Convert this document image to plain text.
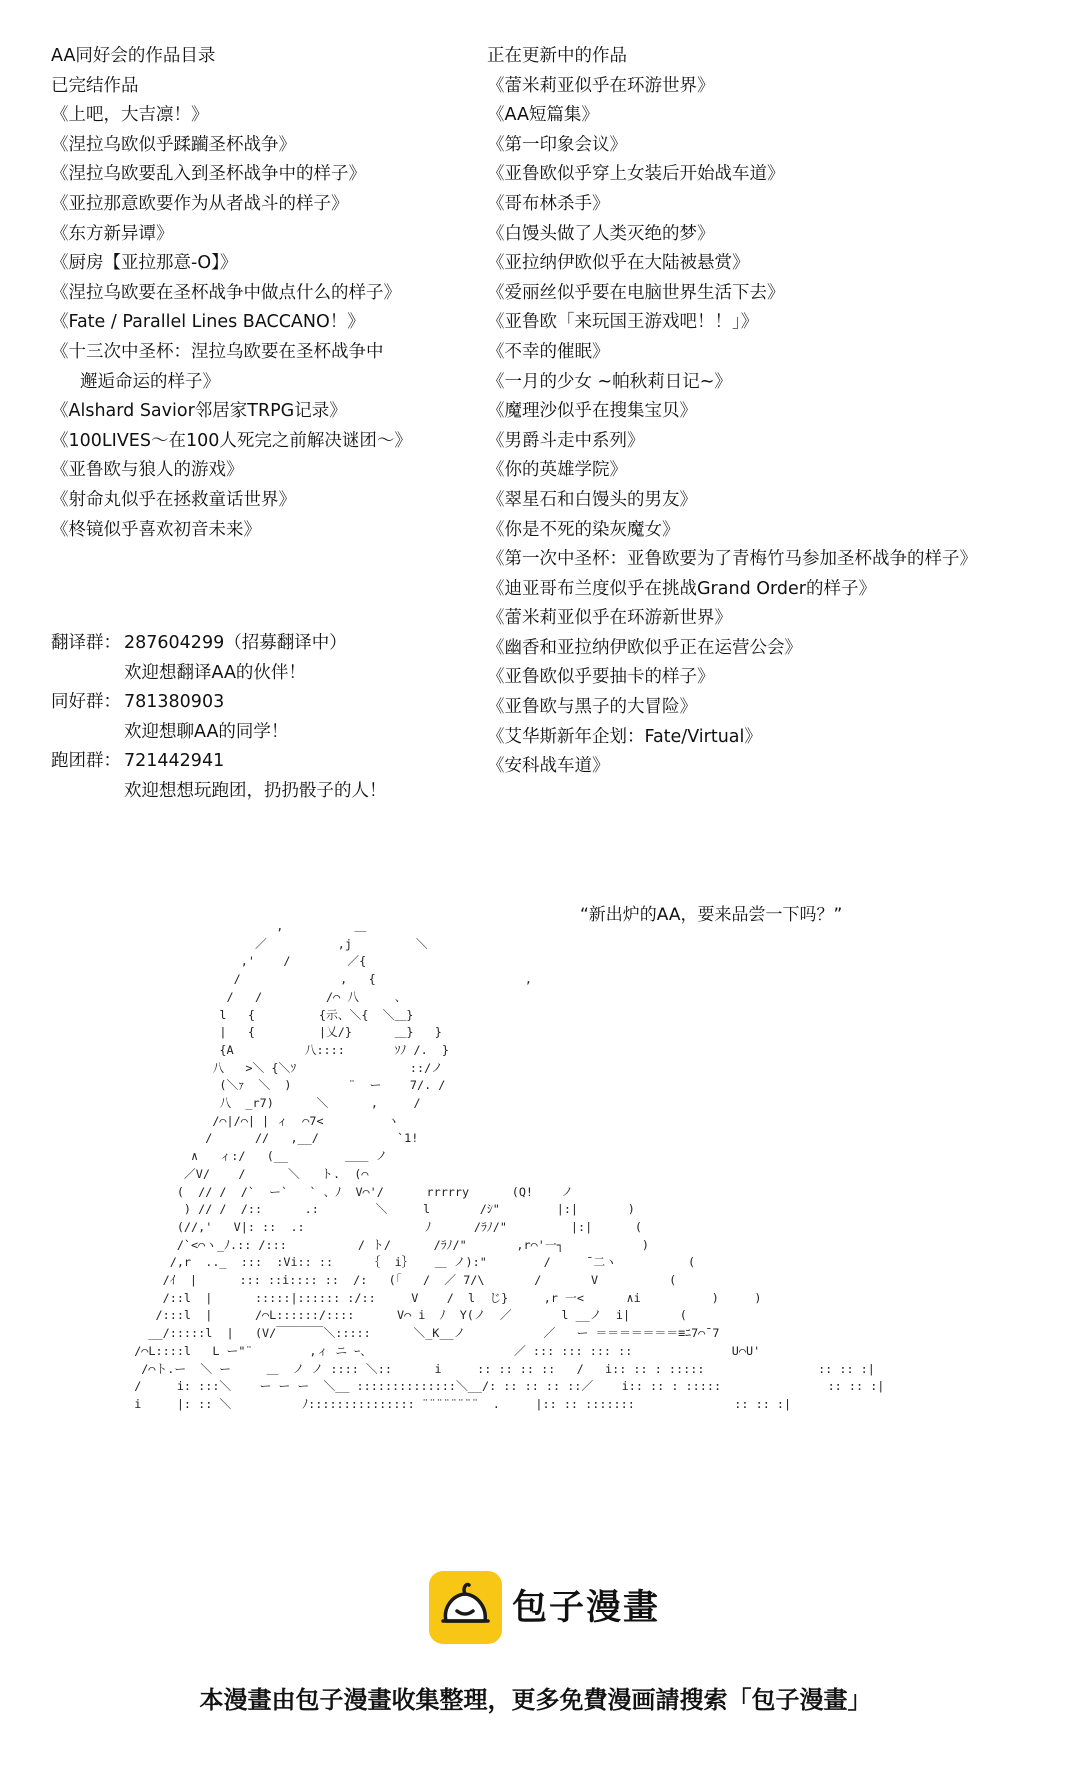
AA同好会的作品目录
已完结作品
《上吧，大吉凛！》
《涅拉乌欧似乎蹂躏圣杯战争》
《涅拉乌欧要乱入到圣杯战争中的样子》
《亚拉那意欧要作为从者战斗的样子》
《东方新异谭》
《厨房【亚拉那意-O】》
《涅拉乌欧要在圣杯战争中做点什么的样子》
《Fate / Parallel Lines BACCANO！》
《十三次中圣杯：涅拉乌欧要在圣杯战争中
邂逅命运的样子》
《Alshard Savior邻居家TRPG记录》
《100LIVES～在100人死完之前解决谜团～》
《亚鲁欧与狼人的游戏》
《射命丸似乎在拯救童话世界》
《柊镜似乎喜欢初音未来》
正在更新中的作品
《蕾米莉亚似乎在环游世界》
《AA短篇集》
《第一印象会议》
《亚鲁欧似乎穿上女装后开始战车道》
《哥布林杀手》
《白馒头做了人类灭绝的梦》
《亚拉纳伊欧似乎在大陆被悬赏》
《爱丽丝似乎要在电脑世界生活下去》
《亚鲁欧「来玩国王游戏吧！！」》
《不幸的催眠》
《一月的少女 ~帕秋莉日记~》
《魔理沙似乎在搜集宝贝》
《男爵斗走中系列》
《你的英雄学院》
《翠星石和白馒头的男友》
《你是不死的染灰魔女》
《第一次中圣杯：亚鲁欧要为了青梅竹马参加圣杯战争的样子》
《迪亚哥布兰度似乎在挑战Grand Order的样子》
《蕾米莉亚似乎在环游新世界》
《幽香和亚拉纳伊欧似乎正在运营公会》
《亚鲁欧似乎要抽卡的样子》
《亚鲁欧与黑子的大冒险》
《艾华斯新年企划：Fate/Virtual》
《安科战车道》
翻译群： 287604299（招募翻译中）
欢迎想翻译AA的伙伴！
同好群： 781380903
欢迎想聊AA的同学！
跑团群： 721442941
欢迎想想玩跑团，扔扔骰子的人！
“新出炉的AA，要来品尝一下吗？”
,          ＿
／          ,j         ＼
,'    /        ／{
/              ,   {                     ,
/   /         /⌒ 八     、
l   {         {示、＼{  ＼＿}
|   {         |乂/}      ＿}   }
{A          八::::       ｿﾉ /.  }
八   >＼ {＼ｿ                ::/ノ
(＼ｧ  ＼  )        ¨  ー    7/. /
八  _r7)      ＼      ,     /
/⌒|/⌒| | ィ  ⌒7<         ヽ
/      //   ,__/           `1!
∧   ィ:/   (__        ＿＿ ノ
／V/    /      ＼   ト.  (⌒
(  // /  /`  ー`   ` 、ﾉ  V⌒'/      rrrrry      (Q!    ノ
) // /  /::      .:        ＼     l       /ｼ"        |:|       )
(//,'   V|: ::  .:                 ﾉ      /ﾗﾉ/"         |:|      (
/`<⌒ヽ_ﾉ.:: /:::          / ト/      /ﾗﾉ/"       ,r⌒'一┐           )
/,r  .._  :::  :Vi:: ::     ｛  i｝   ＿ ノ):"        /     ¯二ヽ          (
/ｲ  |      ::: ::i:::: ::  /:   (「   /  ／ 7/\       /       V          (
/::l  |      :::::|:::::: :/::     V    /  l  じ}     ,r 一<      ∧i          )     )
/:::l  |      /⌒L::::::/::::      V⌒ i  ﾉ  Y(ノ  ／       l __ノ  i|       (
__/:::::l  |   (V/￣￣￣￣＼:::::      ＼_K__ノ           ／   ー ＝＝＝＝＝＝＝≡ﾆ7⌒¯7
/⌒L::::l   L ー"¨        ,ィ ニ ｰ、                    ／ ::: ::: ::: ::              U⌒U'
/⌒ト.ー  ＼ ー     ＿  ノ ノ :::: ＼::      i     :: :: :: ::   /   i:: :: : :::::                :: :: :|
/     i: :::＼    ー ー ー  ＼__ ::::::::::::::＼__/: :: :: :: ::／    i:: :: : :::::               :: :: :|
i     |: :: ＼          ﾉ::::::::::::::: ¨¨¨¨¨¨¨¨  .     |:: :: :::::::              :: :: :|
包子漫畫
本漫畫由包子漫畫收集整理，更多免費漫画請搜索「包子漫畫」
